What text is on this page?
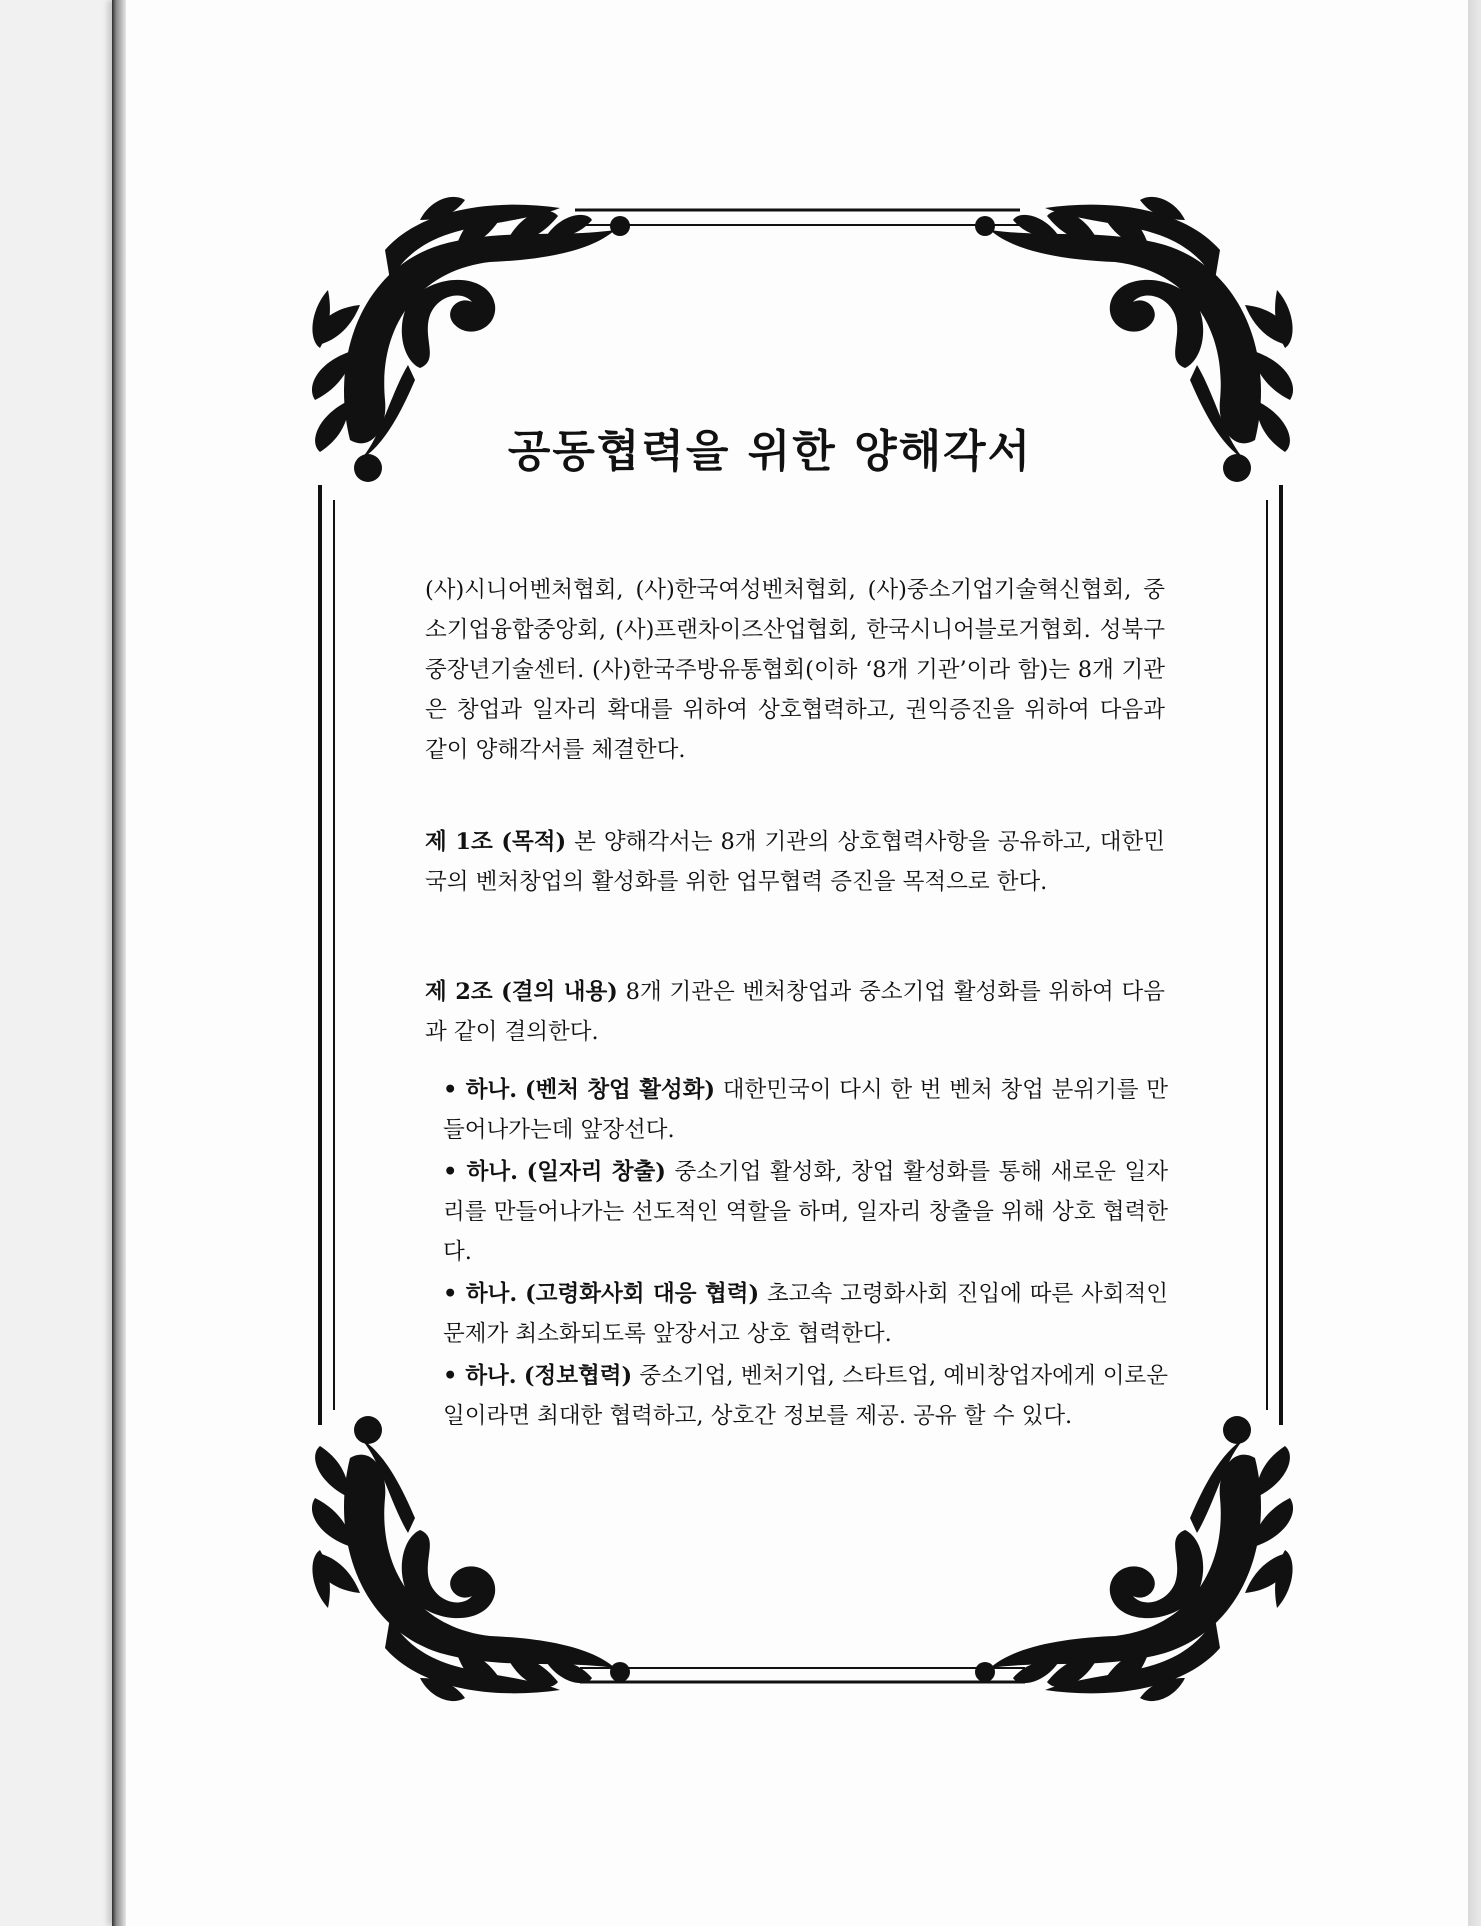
공동협력을 위한 양해각서

(사)시니어벤처협회, (사)한국여성벤처협회, (사)중소기업기술혁신협회, 중소기업융합중앙회, (사)프랜차이즈산업협회, 한국시니어블로거협회. 성북구중장년기술센터. (사)한국주방유통협회(이하 ‘8개 기관’이라 함)는 8개 기관은 창업과 일자리 확대를 위하여 상호협력하고, 권익증진을 위하여 다음과 같이 양해각서를 체결한다.

제 1조 (목적) 본 양해각서는 8개 기관의 상호협력사항을 공유하고, 대한민국의 벤처창업의 활성화를 위한 업무협력 증진을 목적으로 한다.

제 2조 (결의 내용) 8개 기관은 벤처창업과 중소기업 활성화를 위하여 다음과 같이 결의한다.

• 하나. (벤처 창업 활성화) 대한민국이 다시 한 번 벤처 창업 분위기를 만들어나가는데 앞장선다.
• 하나. (일자리 창출) 중소기업 활성화, 창업 활성화를 통해 새로운 일자리를 만들어나가는 선도적인 역할을 하며, 일자리 창출을 위해 상호 협력한다.
• 하나. (고령화사회 대응 협력) 초고속 고령화사회 진입에 따른 사회적인 문제가 최소화되도록 앞장서고 상호 협력한다.
• 하나. (정보협력) 중소기업, 벤처기업, 스타트업, 예비창업자에게 이로운 일이라면 최대한 협력하고, 상호간 정보를 제공. 공유 할 수 있다.
